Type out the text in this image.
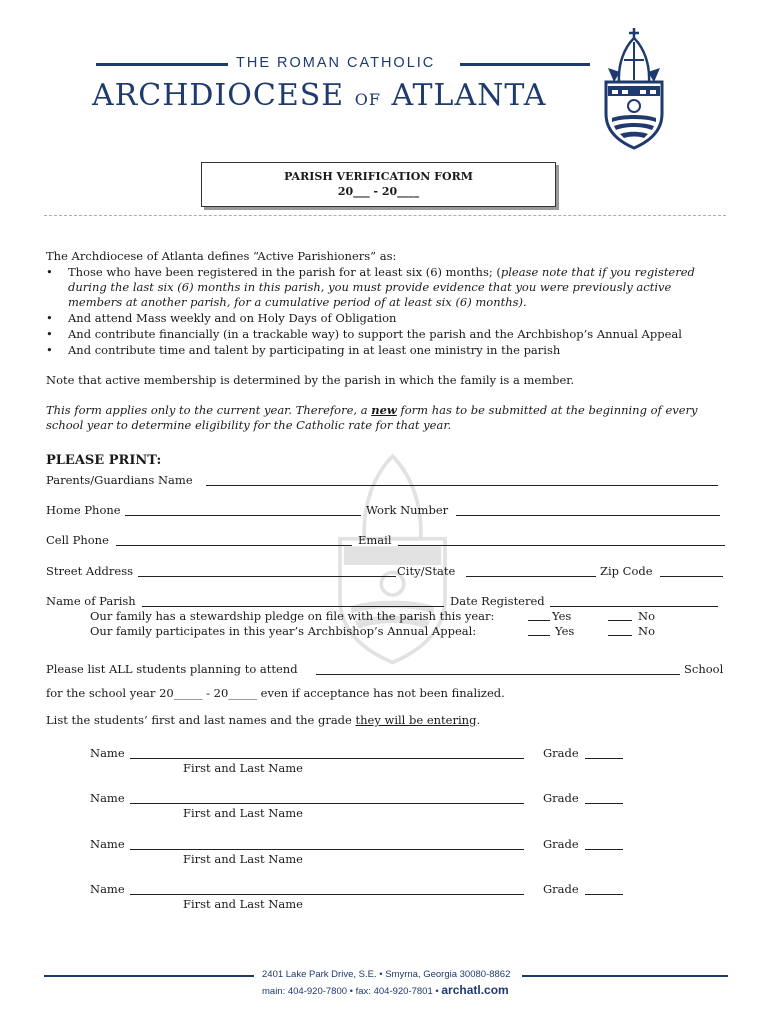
THE ROMAN CATHOLIC
ARCHDIOCESE OF ATLANTA
PARISH VERIFICATION FORM
20___ - 20____
The Archdiocese of Atlanta defines “Active Parishioners” as:
• Those who have been registered in the parish for at least six (6) months; (please note that if you registered
during the last six (6) months in this parish, you must provide evidence that you were previously active
members at another parish, for a cumulative period of at least six (6) months).
• And attend Mass weekly and on Holy Days of Obligation
• And contribute financially (in a trackable way) to support the parish and the Archbishop’s Annual Appeal
• And contribute time and talent by participating in at least one ministry in the parish
Note that active membership is determined by the parish in which the family is a member.
This form applies only to the current year. Therefore, a new form has to be submitted at the beginning of every
school year to determine eligibility for the Catholic rate for that year.
PLEASE PRINT:
Parents/Guardians Name
Home Phone	Work Number
Cell Phone	Email
Street Address	City/State	Zip Code
Name of Parish	Date Registered
Our family has a stewardship pledge on file with the parish this year:	Yes	No
Our family participates in this year’s Archbishop’s Annual Appeal:	Yes	No
Please list ALL students planning to attend	School
for the school year 20_____ - 20_____ even if acceptance has not been finalized.
List the students’ first and last names and the grade they will be entering.
Name	Grade
First and Last Name
Name	Grade
First and Last Name
Name	Grade
First and Last Name
Name	Grade
First and Last Name
2401 Lake Park Drive, S.E. • Smyrna, Georgia 30080-8862
main: 404-920-7800 • fax: 404-920-7801 • archatl.com
